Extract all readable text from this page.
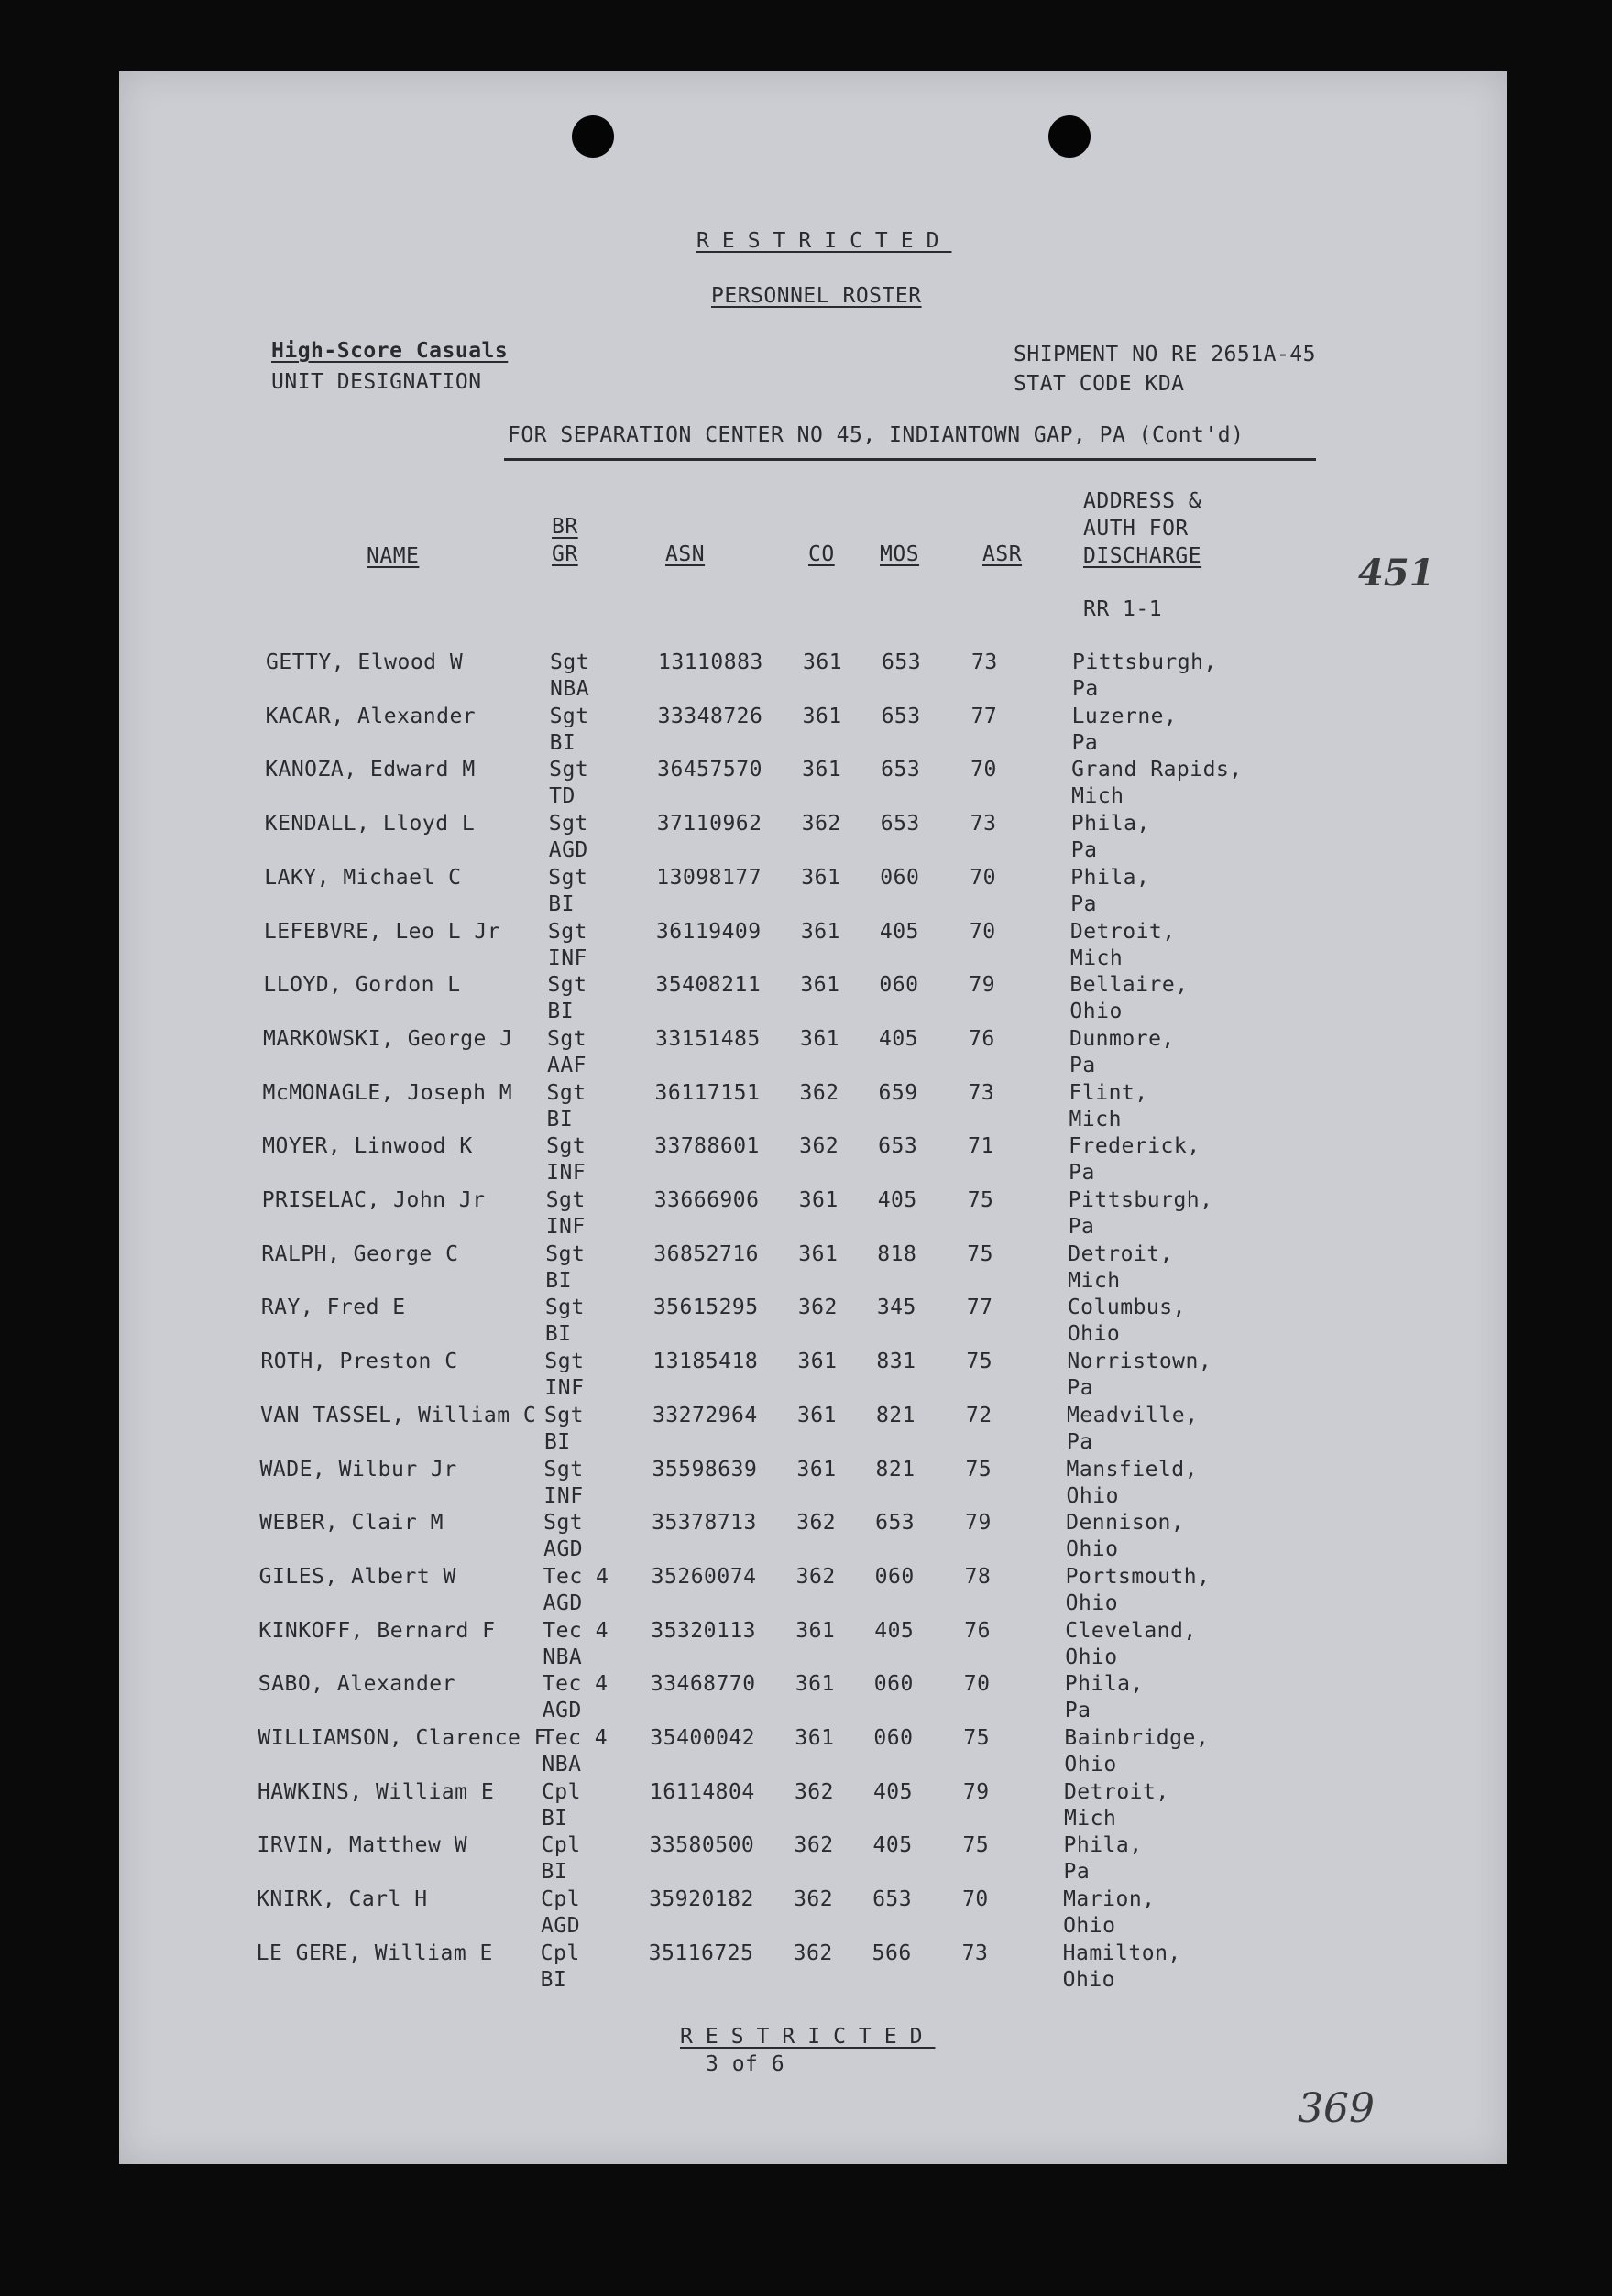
RESTRICTED
PERSONNEL ROSTER
High-Score Casuals
UNIT DESIGNATION
SHIPMENT NO RE 2651A-45
STAT CODE KDA
FOR SEPARATION CENTER NO 45, INDIANTOWN GAP, PA (Cont'd)
NAME
BR
GR	ASN	CO MOS	ASR
ADDRESS &
AUTH FOR
DISCHARGE
RR 1-1
451
GETTY, Elwood W	Sgt
NBA
13110883 361 653 73	Pittsburgh,
Pa
KACAR, Alexander	Sgt
BI
33348726 361 653 77	Luzerne,
Pa
KANOZA, Edward M	Sgt
TD
36457570 361 653 70	Grand Rapids,
Mich
KENDALL, Lloyd L	Sgt
AGD
37110962 362 653 73	Phila,
Pa
LAKY, Michael C	Sgt
BI
13098177 361 060 70	Phila,
Pa
LEFEBVRE, Leo L Jr Sgt
INF
36119409 361 405 70	Detroit,
Mich
LLOYD, Gordon L	Sgt
BI
35408211 361 060 79	Bellaire,
Ohio
MARKOWSKI, George J Sgt
AAF
33151485 361 405 76	Dunmore,
Pa
McMONAGLE, Joseph M Sgt
BI
36117151 362 659 73	Flint,
Mich
MOYER, Linwood K	Sgt
INF
33788601 362 653 71	Frederick,
Pa
PRISELAC, John Jr	Sgt
INF
33666906 361 405 75	Pittsburgh,
Pa
RALPH, George C	Sgt
BI
36852716 361 818 75	Detroit,
Mich
RAY, Fred E	Sgt
BI
35615295 362 345 77	Columbus,
Ohio
ROTH, Preston C	Sgt
INF
13185418 361 831 75	Norristown,
Pa
VAN TASSEL, William C Sgt
BI
33272964 361 821 72	Meadville,
Pa
WADE, Wilbur Jr	Sgt
INF
35598639 361 821 75	Mansfield,
Ohio
WEBER, Clair M	Sgt
AGD
35378713 362 653 79	Dennison,
Ohio
GILES, Albert W	Tec 4
AGD
35260074 362 060 78	Portsmouth,
Ohio
KINKOFF, Bernard F Tec 4
NBA
35320113 361 405 76	Cleveland,
Ohio
SABO, Alexander	Tec 4
AGD
33468770 361 060 70	Phila,
Pa
WILLIAMSON, Clarence F
Tec 4
NBA
35400042 361 060 75	Bainbridge,
Ohio
HAWKINS, William E Cpl
BI
16114804 362 405 79	Detroit,
Mich
IRVIN, Matthew W	Cpl
BI
33580500 362 405 75	Phila,
Pa
KNIRK, Carl H	Cpl
AGD
35920182 362 653 70	Marion,
Ohio
LE GERE, William E Cpl
BI
35116725 362 566 73	Hamilton,
Ohio
RESTRICTED
3 of 6
369
